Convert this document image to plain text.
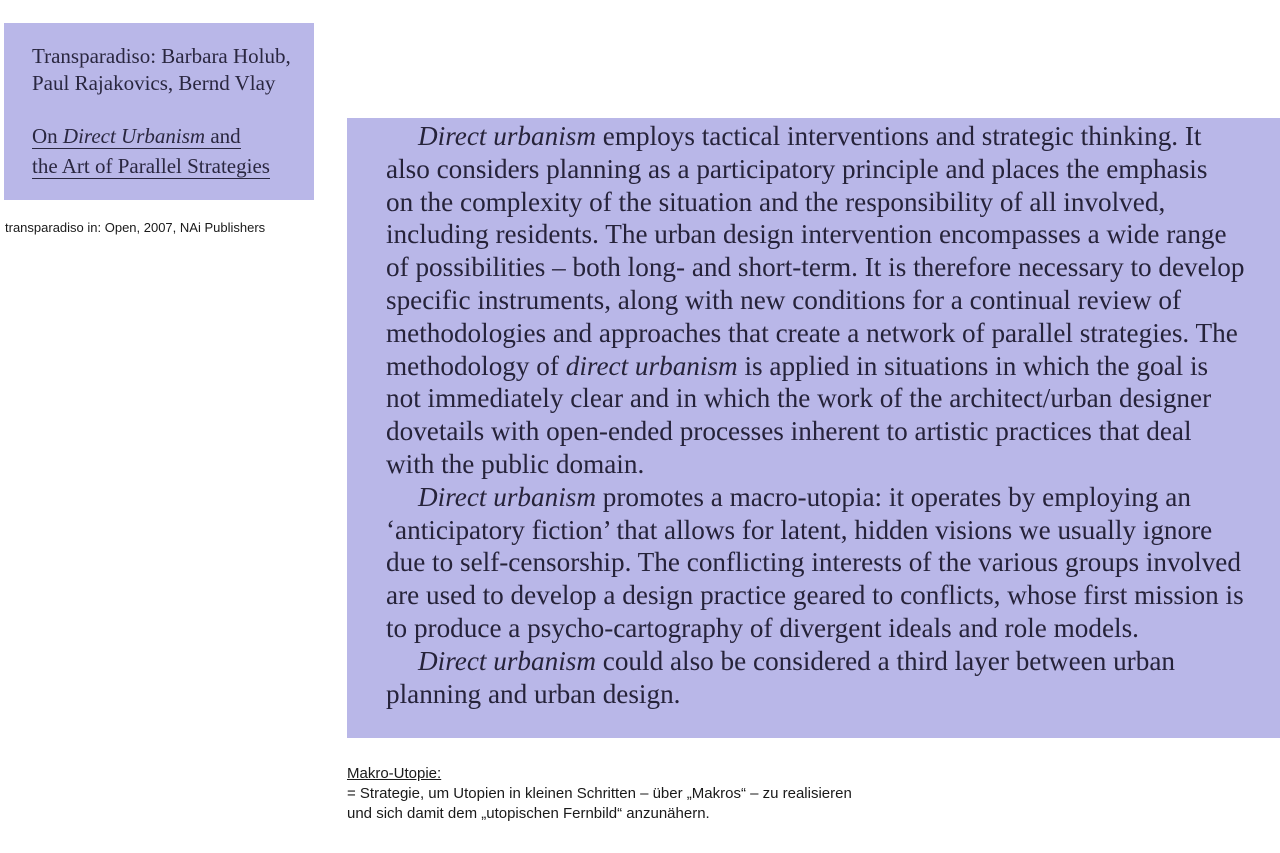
Transparadiso: Barbara Holub,
Paul Rajakovics, Bernd Vlay
On Direct Urbanism and
the Art of Parallel Strategies
transparadiso in: Open, 2007, NAi Publishers

Direct urbanism employs tactical interventions and strategic thinking. It
also considers planning as a participatory principle and places the emphasis
on the complexity of the situation and the responsibility of all involved,
including residents. The urban design intervention encompasses a wide range
of possibilities – both long- and short-term. It is therefore necessary to develop
specific instruments, along with new conditions for a continual review of
methodologies and approaches that create a network of parallel strategies. The
methodology of direct urbanism is applied in situations in which the goal is
not immediately clear and in which the work of the architect/urban designer
dovetails with open-ended processes inherent to artistic practices that deal
with the public domain.

Direct urbanism promotes a macro-utopia: it operates by employing an
‘anticipatory fiction’ that allows for latent, hidden visions we usually ignore
due to self-censorship. The conflicting interests of the various groups involved
are used to develop a design practice geared to conflicts, whose first mission is
to produce a psycho-cartography of divergent ideals and role models.

Direct urbanism could also be considered a third layer between urban
planning and urban design.

Makro-Utopie:
= Strategie, um Utopien in kleinen Schritten – über „Makros“ – zu realisieren
und sich damit dem „utopischen Fernbild“ anzunähern.
